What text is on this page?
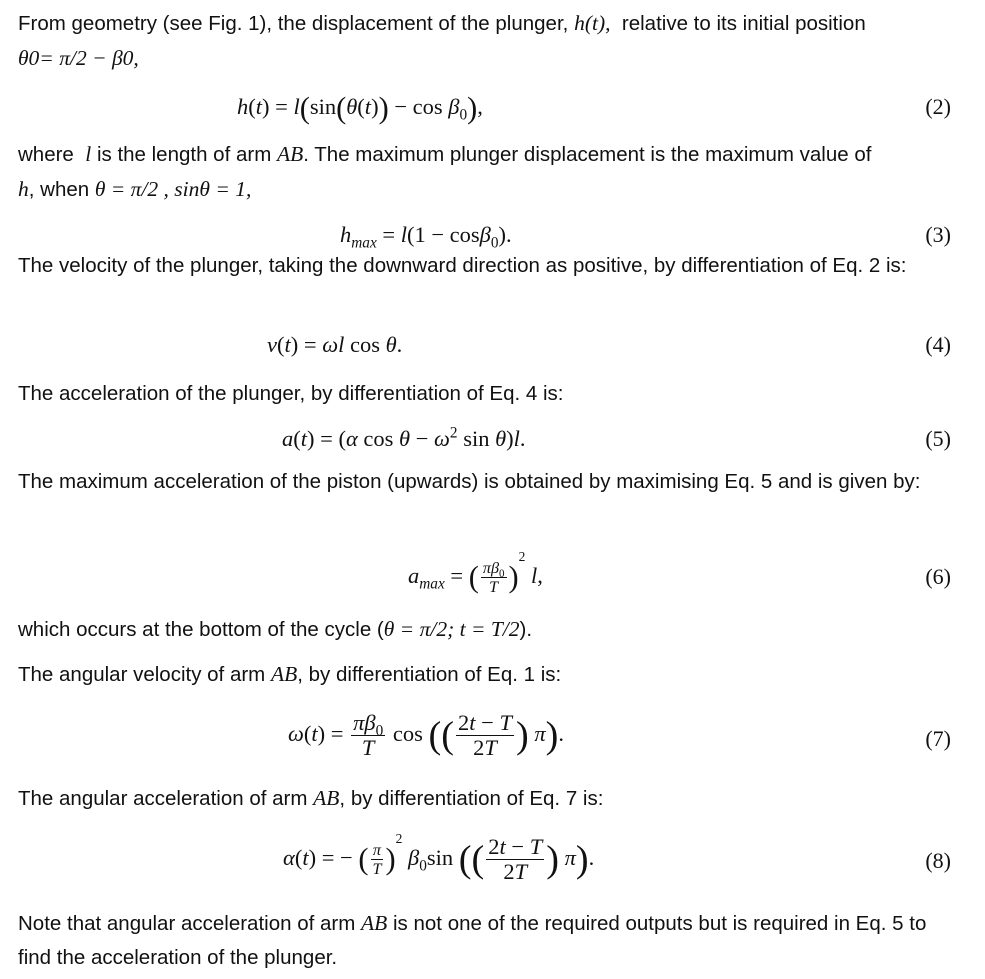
From geometry (see Fig. 1), the displacement of the plunger, h(t), relative to its initial position
θ0= π/2 − β0,

$h(t) = l(\sin(\theta(t)) - \cos \beta_0)$,	(2)

where l is the length of arm AB. The maximum plunger displacement is the maximum value of
h, when θ = π/2 , sinθ = 1,

$h_{max} = l(1 - \cos\beta_0)$.	(3)

The velocity of the plunger, taking the downward direction as positive, by differentiation of Eq. 2 is:

v(t) = ωl cos θ.	(4)

The acceleration of the plunger, by differentiation of Eq. 4 is:

a(t) = (α $\cos \theta - \omega^2$ sin θ)l.	(5)

The maximum acceleration of the piston (upwards) is obtained by maximising Eq. 5 and is given by:

$a_{max}$ = ( $\frac{\pi\beta_0}{T} )^2$ l,	(6)

which occurs at the bottom of the cycle (θ = π/2; t = T/2).

The angular velocity of arm AB, by differentiation of Eq. 1 is:

$\omega(t) = \frac{\pi\beta_0}{T}$ cos (( $\frac{2t - T}{2T}$ ) π).	(7)

The angular acceleration of arm AB, by differentiation of Eq. 7 is:

α(t) = − ( $\frac{\pi}{T} )^2$ $\beta_0\sin$ (( $\frac{2t - T}{2T}$ ) π).	(8)

Note that angular acceleration of arm AB is not one of the required outputs but is required in Eq. 5 to find the acceleration of the plunger.
